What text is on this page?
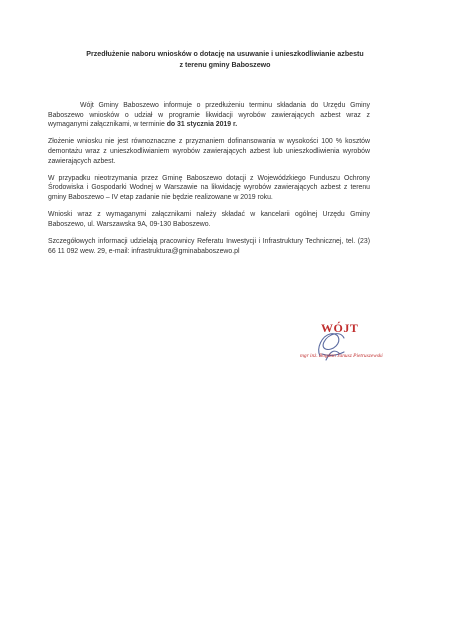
Przedłużenie naboru wniosków o dotację na usuwanie i unieszkodliwianie azbestu
z terenu gminy Baboszewo

Wójt Gminy Baboszewo informuje o przedłużeniu terminu składania do Urzędu Gminy Baboszewo wniosków o udział w programie likwidacji wyrobów zawierających azbest wraz z wymaganymi załącznikami, w terminie do 31 stycznia 2019 r.

Złożenie wniosku nie jest równoznaczne z przyznaniem dofinansowania w wysokości 100 % kosztów demontażu wraz z unieszkodliwianiem wyrobów zawierających azbest lub unieszkodliwienia wyrobów zawierających azbest.

W przypadku nieotrzymania przez Gminę Baboszewo dotacji z Wojewódzkiego Funduszu Ochrony Środowiska i Gospodarki Wodnej w Warszawie na likwidację wyrobów zawierających azbest z terenu gminy Baboszewo – IV etap zadanie nie będzie realizowane w 2019 roku.

Wnioski wraz z wymaganymi załącznikami należy składać w kancelarii ogólnej Urzędu Gminy Baboszewo, ul. Warszawska 9A, 09-130 Baboszewo.

Szczegółowych informacji udzielają pracownicy Referatu Inwestycji i Infrastruktury Technicznej, tel. (23) 66 11 092 wew. 29, e-mail: infrastruktura@gminababoszewo.pl

WÓJT
mgr inż. Bogdan Janusz Pietruszewski
